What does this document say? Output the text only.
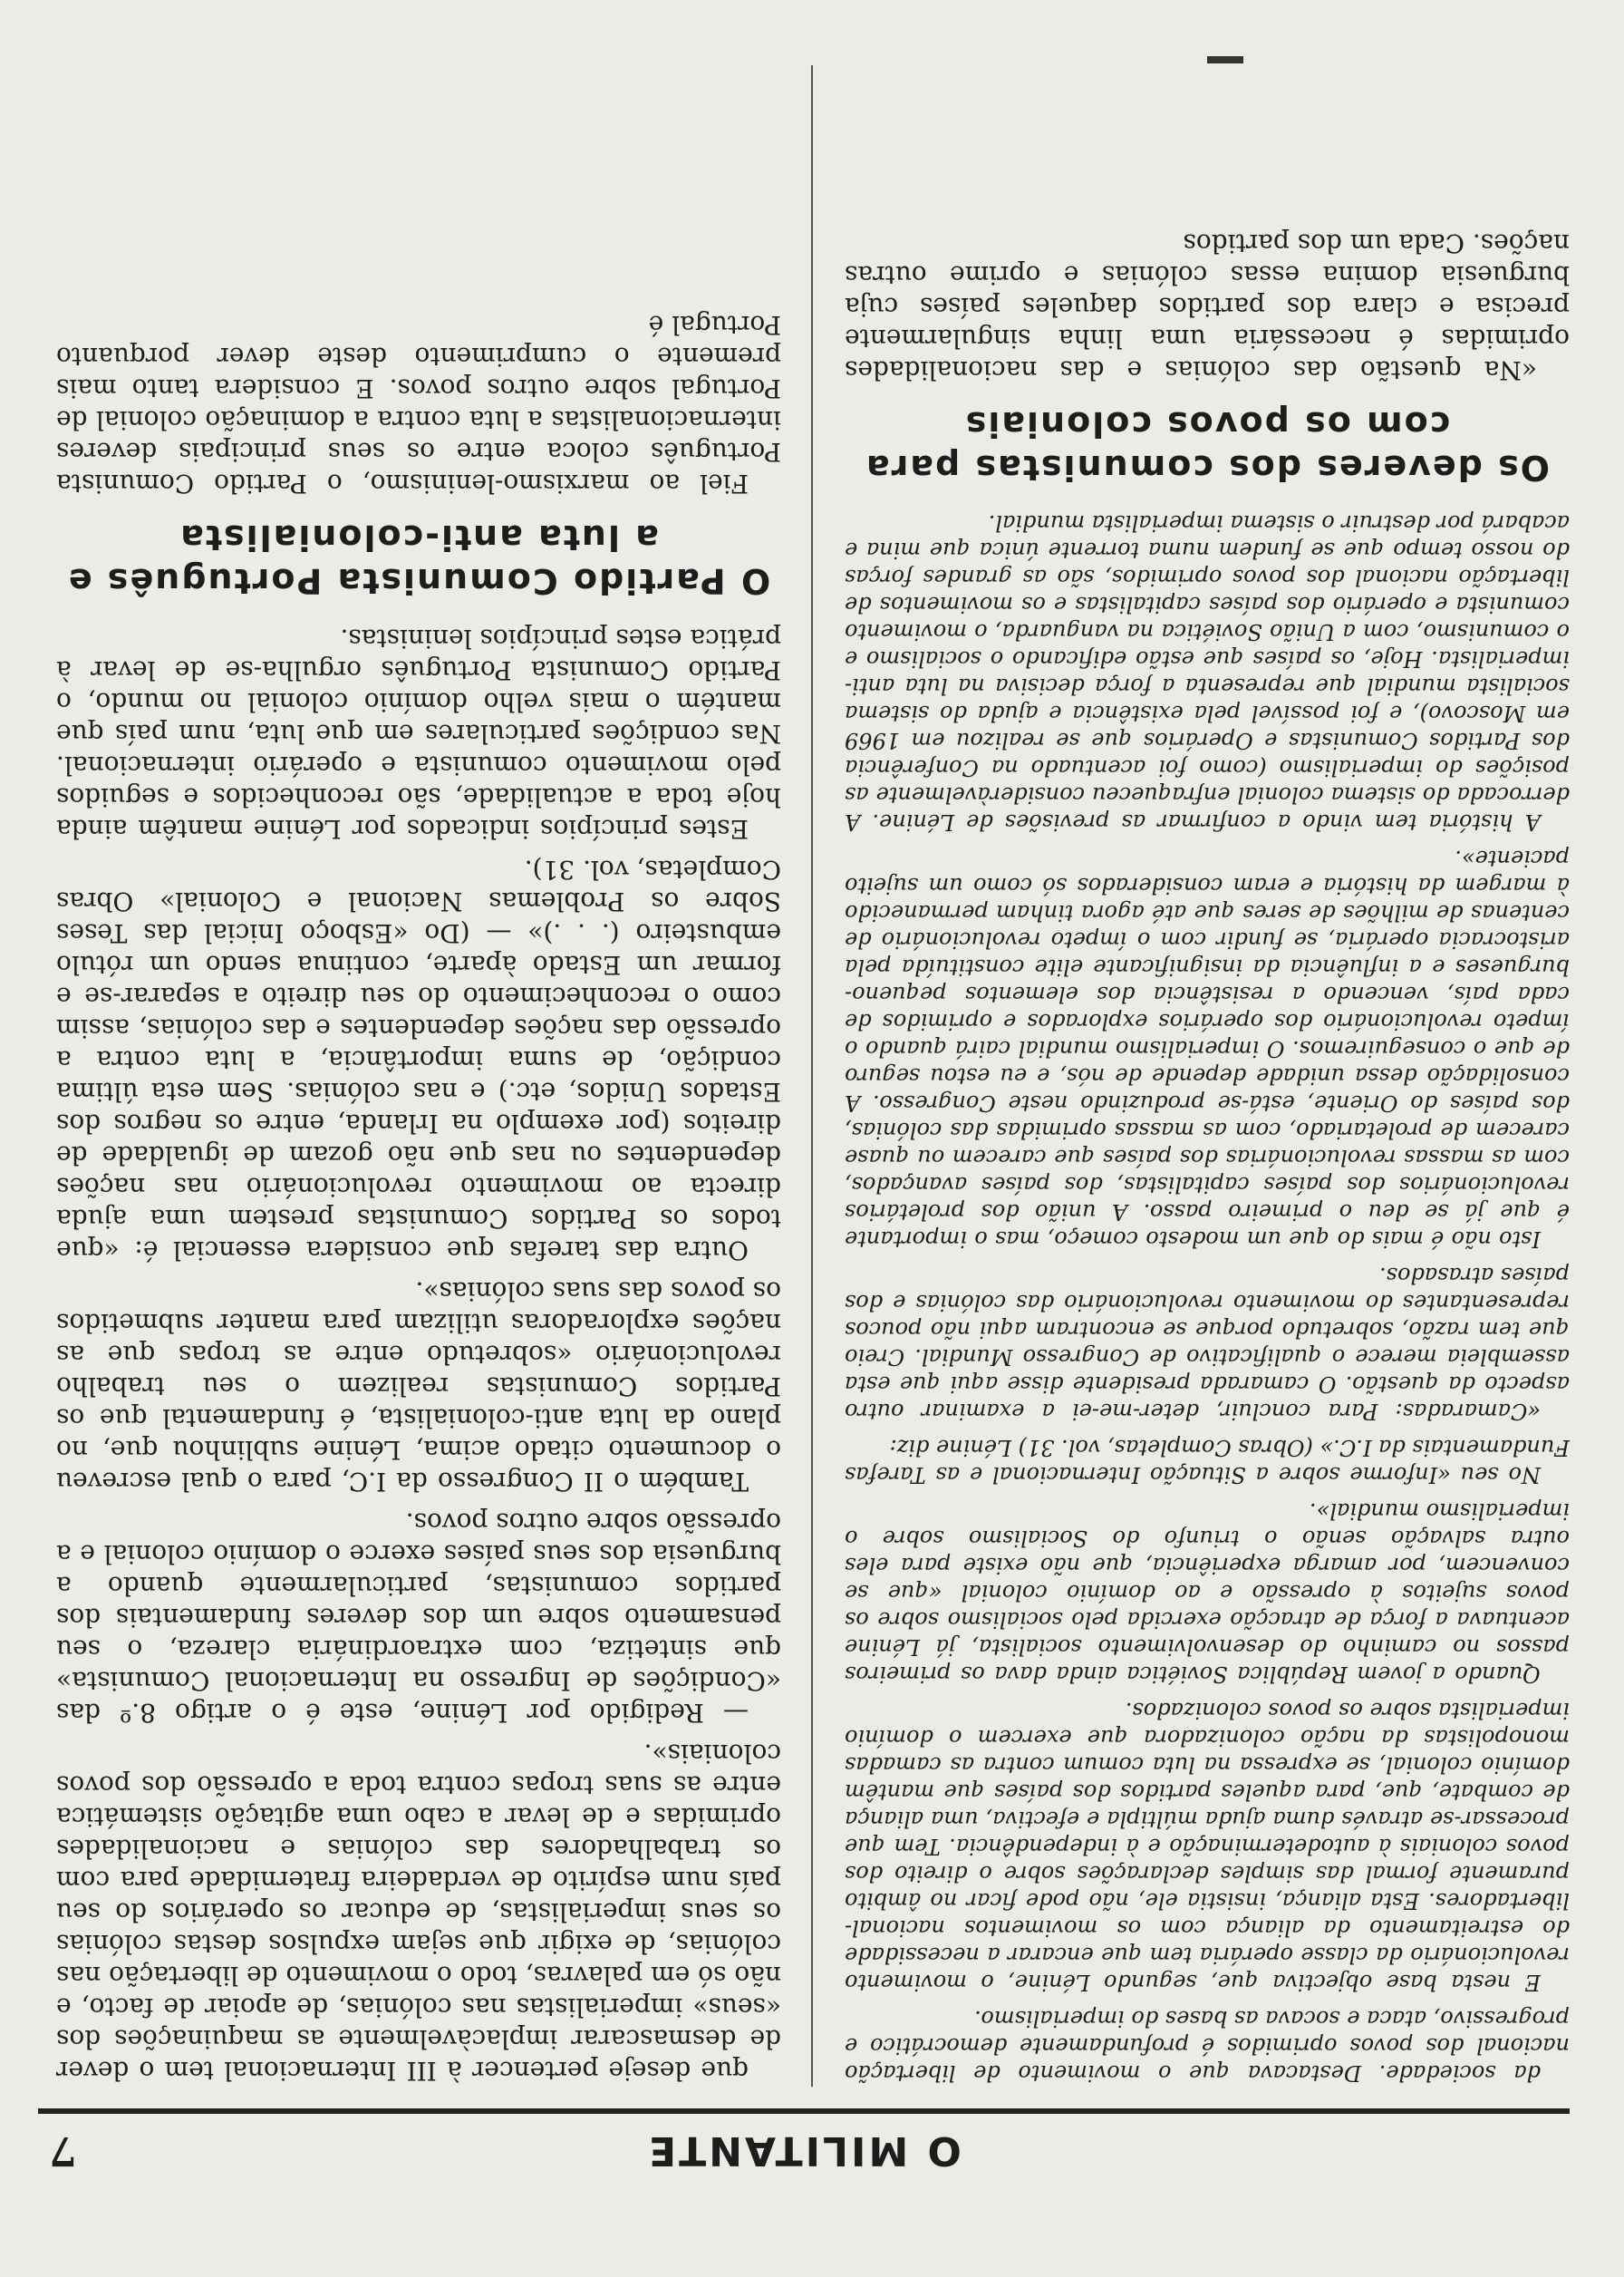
O MILITANTE
7

da sociedade. Destacava que o movimento de libertação nacional dos povos oprimidos é profundamente democrático e progressivo, ataca e socava as bases do imperialismo.

E nesta base objectiva que, segundo Lénine, o movimento revolucionário da classe operária tem que encarar a necessidade do estreitamento da aliança com os movimentos nacional-libertadores. Esta aliança, insistia ele, não pode ficar no âmbito puramente formal das simples declarações sobre o direito dos povos coloniais à autodeterminação e à independência. Tem que processar-se através duma ajuda múltipla e efectiva, uma aliança de combate, que, para aqueles partidos dos países que mantêm domínio colonial, se expressa na luta comum contra as camadas monopolistas da nação colonizadora que exercem o domínio imperialista sobre os povos colonizados.

Quando a jovem República Soviética ainda dava os primeiros passos no caminho do desenvolvimento socialista, já Lénine acentuava a força de atracção exercida pelo socialismo sobre os povos sujeitos à opressão e ao domínio colonial «que se convencem, por amarga experiência, que não existe para eles outra salvação senão o triunfo do Socialismo sobre o imperialismo mundial».

No seu «Informe sobre a Situação Internacional e as Tarefas Fundamentais da I.C.» (Obras Completas, vol. 31) Lénine diz:

«Camaradas: Para concluir, deter-me-ei a examinar outro aspecto da questão. O camarada presidente disse aqui que esta assembleia merece o qualificativo de Congresso Mundial. Creio que tem razão, sobretudo porque se encontram aqui não poucos representantes do movimento revolucionário das colónias e dos países atrasados.

Isto não é mais do que um modesto começo, mas o importante é que já se deu o primeiro passo. A união dos proletários revolucionários dos países capitalistas, dos países avançados, com as massas revolucionárias dos países que carecem ou quase carecem de proletariado, com as massas oprimidas das colónias, dos países do Oriente, está-se produzindo neste Congresso. A consolidação dessa unidade depende de nós, e eu estou seguro de que o conseguiremos. O imperialismo mundial cairá quando o ímpeto revolucionário dos operários explorados e oprimidos de cada país, vencendo a resistência dos elementos pequeno-burgueses e a influência da insignificante elite constituída pela aristocracia operária, se fundir com o ímpeto revolucionário de centenas de milhões de seres que até agora tinham permanecido à margem da história e eram considerados só como um sujeito paciente».

A história tem vindo a confirmar as previsões de Lénine. A derrocada do sistema colonial enfraqueceu consideràvelmente as posições do imperialismo (como foi acentuado na Conferência dos Partidos Comunistas e Operários que se realizou em 1969 em Moscovo), e foi possível pela existência e ajuda do sistema socialista mundial que representa a força decisiva na luta anti-imperialista. Hoje, os países que estão edificando o socialismo e o comunismo, com a União Soviética na vanguarda, o movimento comunista e operário dos países capitalistas e os movimentos de libertação nacional dos povos oprimidos, são as grandes forças do nosso tempo que se fundem numa torrente única que mina e acabará por destruir o sistema imperialista mundial.

Os deveres dos comunistas para com os povos coloniais

«Na questão das colónias e das nacionalidades oprimidas é necessária uma linha singularmente precisa e clara dos partidos daqueles países cuja burguesia domina essas colónias e oprime outras nações. Cada um dos partidos

que deseje pertencer à III Internacional tem o dever de desmascarar implacàvelmente as maquinações dos «seus» imperialistas nas colónias, de apoiar de facto, e não só em palavras, todo o movimento de libertação nas colónias, de exigir que sejam expulsos destas colónias os seus imperialistas, de educar os operários do seu país num espírito de verdadeira fraternidade para com os trabalhadores das colónias e nacionalidades oprimidas e de levar a cabo uma agitação sistemática entre as suas tropas contra toda a opressão dos povos coloniais».

— Redigido por Lénine, este é o artigo 8.º das «Condições de Ingresso na Internacional Comunista» que sintetiza, com extraordinária clareza, o seu pensamento sobre um dos deveres fundamentais dos partidos comunistas, particularmente quando a burguesia dos seus países exerce o domínio colonial e a opressão sobre outros povos.

Também o II Congresso da I.C, para o qual escreveu o documento citado acima, Lénine sublinhou que, no plano da luta anti-colonialista, é fundamental que os Partidos Comunistas realizem o seu trabalho revolucionário «sobretudo entre as tropas que as nações exploradoras utilizam para manter submetidos os povos das suas colónias».

Outra das tarefas que considera essencial é: «que todos os Partidos Comunistas prestem uma ajuda directa ao movimento revolucionário nas nações dependentes ou nas que não gozam de igualdade de direitos (por exemplo na Irlanda, entre os negros dos Estados Unidos, etc.) e nas colónias. Sem esta última condição, de suma importância, a luta contra a opressão das nações dependentes e das colónias, assim como o reconhecimento do seu direito a separar-se e formar um Estado àparte, continua sendo um rótulo embusteiro (. . .)» — (Do «Esboço Inicial das Teses Sobre os Problemas Nacional e Colonial» Obras Completas, vol. 31).

Estes princípios indicados por Lénine mantêm ainda hoje toda a actualidade, são reconhecidos e seguidos pelo movimento comunista e operário internacional. Nas condições particulares em que luta, num país que mantém o mais velho domínio colonial no mundo, o Partido Comunista Português orgulha-se de levar à prática estes princípios leninistas.

O Partido Comunista Português e a luta anti-colonialista

Fiel ao marxismo-leninismo, o Partido Comunista Português coloca entre os seus principais deveres internacionalistas a luta contra a dominação colonial de Portugal sobre outros povos. E considera tanto mais premente o cumprimento deste dever porquanto Portugal é
